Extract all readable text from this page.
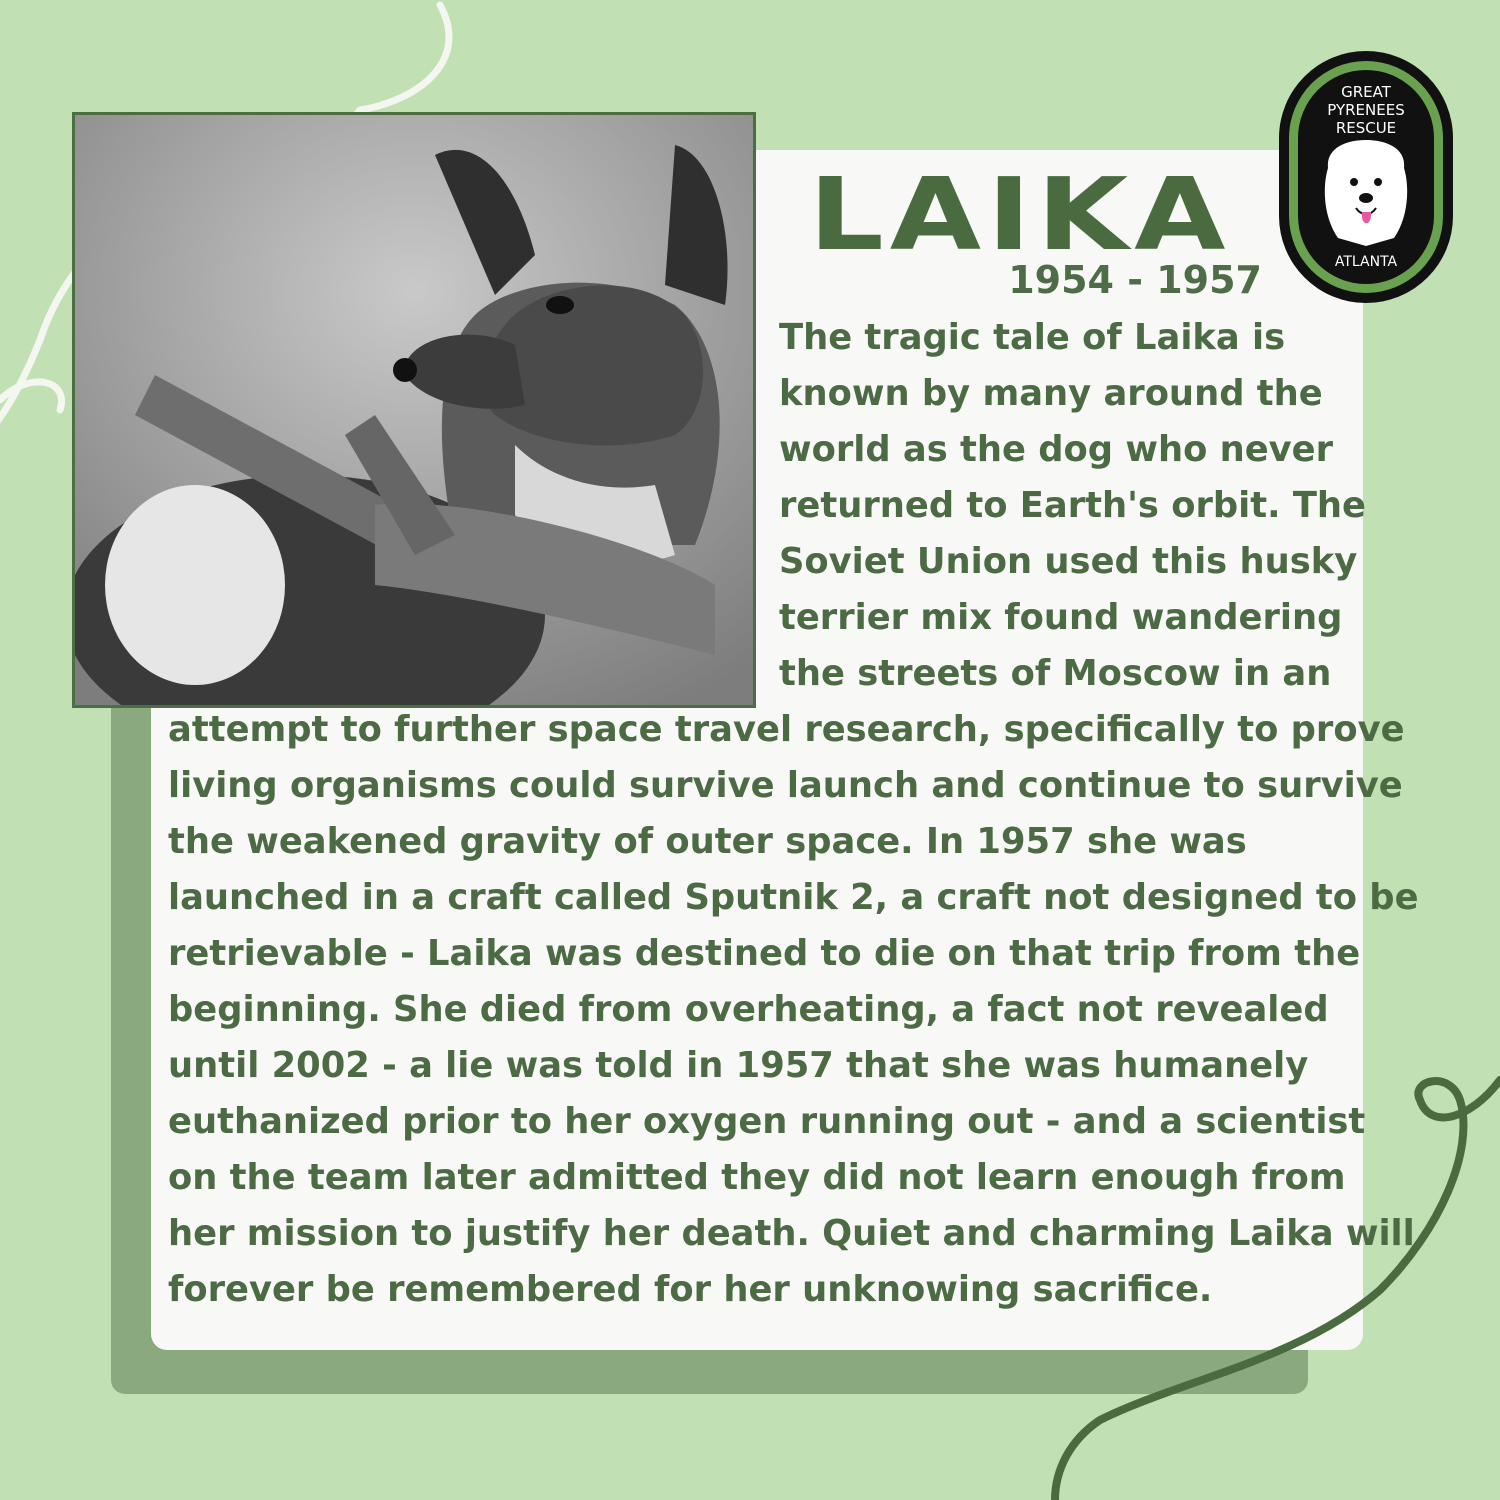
LAIKA

1954 - 1957

The tragic tale of Laika is

known by many around the

world as the dog who never

returned to Earth's orbit. The

Soviet Union used this husky

terrier mix found wandering

the streets of Moscow in an

attempt to further space travel research, specifically to prove

living organisms could survive launch and continue to survive

the weakened gravity of outer space. In 1957 she was

launched in a craft called Sputnik 2, a craft not designed to be

retrievable - Laika was destined to die on that trip from the

beginning. She died from overheating, a fact not revealed

until 2002 - a lie was told in 1957 that she was humanely

euthanized prior to her oxygen running out - and a scientist

on the team later admitted they did not learn enough from

her mission to justify her death. Quiet and charming Laika will

forever be remembered for her unknowing sacrifice.

GREAT
PYRENEES
RESCUE
ATLANTA
